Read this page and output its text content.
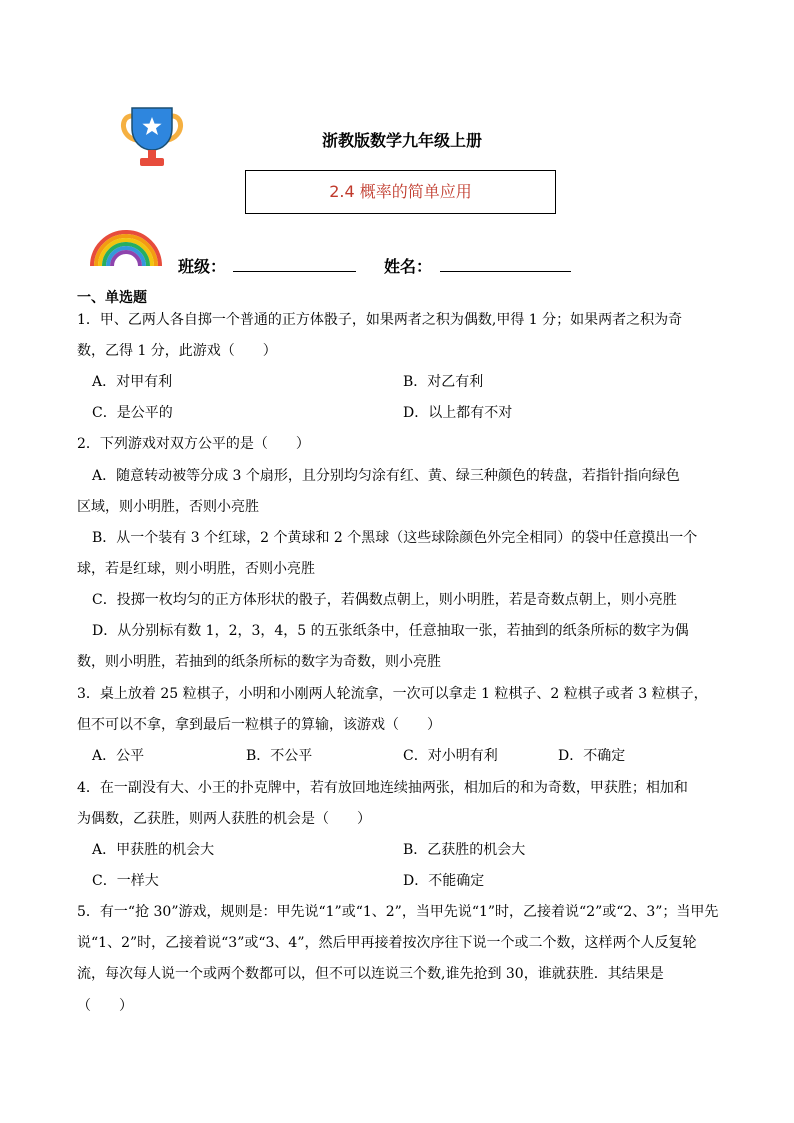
浙教版数学九年级上册
2.4 概率的简单应用
班级：	姓名：
一、单选题
1．甲、乙两人各自掷一个普通的正方体骰子，如果两者之积为偶数,甲得 1 分；如果两者之积为奇
数，乙得 1 分，此游戏（　　）
A．对甲有利	B．对乙有利
C．是公平的	D．以上都有不对
2．下列游戏对双方公平的是（　　）
A．随意转动被等分成 3 个扇形，且分别均匀涂有红、黄、绿三种颜色的转盘，若指针指向绿色
区域，则小明胜，否则小亮胜
B．从一个装有 3 个红球，2 个黄球和 2 个黑球（这些球除颜色外完全相同）的袋中任意摸出一个
球，若是红球，则小明胜，否则小亮胜
C．投掷一枚均匀的正方体形状的骰子，若偶数点朝上，则小明胜，若是奇数点朝上，则小亮胜
D．从分别标有数 1，2，3，4，5 的五张纸条中，任意抽取一张，若抽到的纸条所标的数字为偶
数，则小明胜，若抽到的纸条所标的数字为奇数，则小亮胜
3．桌上放着 25 粒棋子，小明和小刚两人轮流拿，一次可以拿走 1 粒棋子、2 粒棋子或者 3 粒棋子，
但不可以不拿，拿到最后一粒棋子的算输，该游戏（　　）
A．公平	B．不公平	C．对小明有利	D．不确定
4．在一副没有大、小王的扑克牌中，若有放回地连续抽两张，相加后的和为奇数，甲获胜；相加和
为偶数，乙获胜，则两人获胜的机会是（　　）
A．甲获胜的机会大	B．乙获胜的机会大
C．一样大	D．不能确定
5．有一“抢 30”游戏，规则是：甲先说“1”或“1、2”，当甲先说“1”时，乙接着说“2”或“2、3”；当甲先
说“1、2”时，乙接着说“3”或“3、4”，然后甲再接着按次序往下说一个或二个数，这样两个人反复轮
流，每次每人说一个或两个数都可以，但不可以连说三个数,谁先抢到 30，谁就获胜．其结果是
（　　）
